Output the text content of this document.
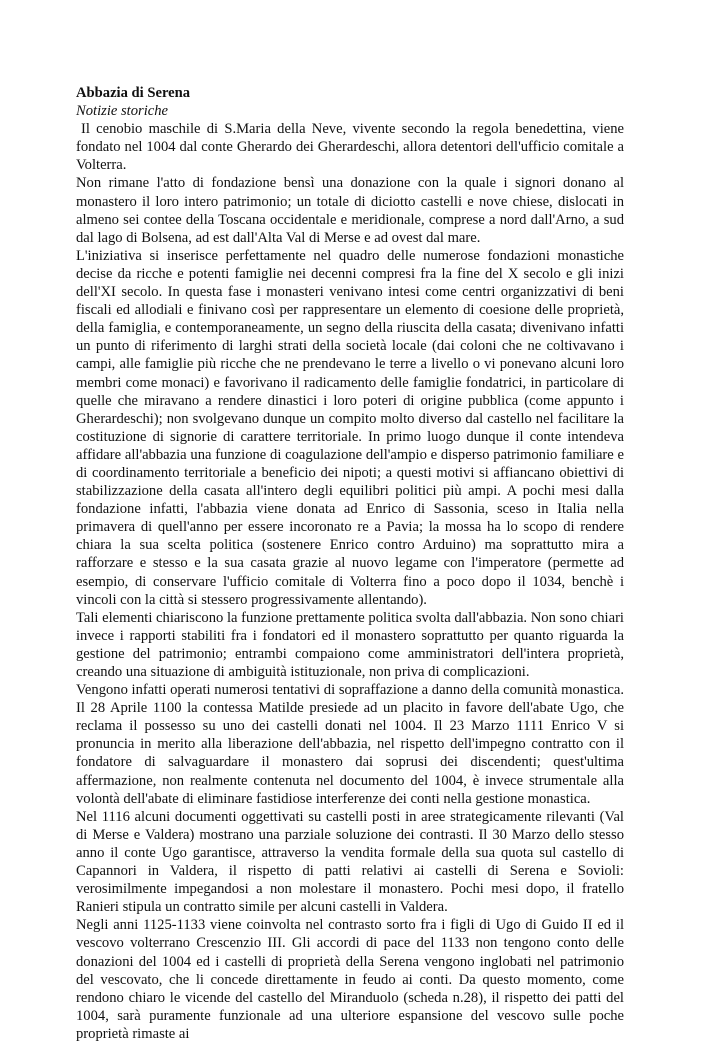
Abbazia di Serena
Notizie storiche

Il cenobio maschile di S.Maria della Neve, vivente secondo la regola benedettina, viene fondato nel 1004 dal conte Gherardo dei Gherardeschi, allora detentori dell'ufficio comitale a Volterra.

Non rimane l'atto di fondazione bensì una donazione con la quale i signori donano al monastero il loro intero patrimonio; un totale di diciotto castelli e nove chiese, dislocati in almeno sei contee della Toscana occidentale e meridionale, comprese a nord dall'Arno, a sud dal lago di Bolsena, ad est dall'Alta Val di Merse e ad ovest dal mare.

L'iniziativa si inserisce perfettamente nel quadro delle numerose fondazioni monastiche decise da ricche e potenti famiglie nei decenni compresi fra la fine del X secolo e gli inizi dell'XI secolo. In questa fase i monasteri venivano intesi come centri organizzativi di beni fiscali ed allodiali e finivano così per rappresentare un elemento di coesione delle proprietà, della famiglia, e contemporaneamente, un segno della riuscita della casata; divenivano infatti un punto di riferimento di larghi strati della società locale (dai coloni che ne coltivavano i campi, alle famiglie più ricche che ne prendevano le terre a livello o vi ponevano alcuni loro membri come monaci) e favorivano il radicamento delle famiglie fondatrici, in particolare di quelle che miravano a rendere dinastici i loro poteri di origine pubblica (come appunto i Gherardeschi); non svolgevano dunque un compito molto diverso dal castello nel facilitare la costituzione di signorie di carattere territoriale. In primo luogo dunque il conte intendeva affidare all'abbazia una funzione di coagulazione dell'ampio e disperso patrimonio familiare e di coordinamento territoriale a beneficio dei nipoti; a questi motivi si affiancano obiettivi di stabilizzazione della casata all'intero degli equilibri politici più ampi. A pochi mesi dalla fondazione infatti, l'abbazia viene donata ad Enrico di Sassonia, sceso in Italia nella primavera di quell'anno per essere incoronato re a Pavia; la mossa ha lo scopo di rendere chiara la sua scelta politica (sostenere Enrico contro Arduino) ma soprattutto mira a rafforzare e stesso e la sua casata grazie al nuovo legame con l'imperatore (permette ad esempio, di conservare l'ufficio comitale di Volterra fino a poco dopo il 1034, benchè i vincoli con la città si stessero progressivamente allentando).

Tali elementi chiariscono la funzione prettamente politica svolta dall'abbazia. Non sono chiari invece i rapporti stabiliti fra i fondatori ed il monastero soprattutto per quanto riguarda la gestione del patrimonio; entrambi compaiono come amministratori dell'intera proprietà, creando una situazione di ambiguità istituzionale, non priva di complicazioni.

Vengono infatti operati numerosi tentativi di sopraffazione a danno della comunità monastica. Il 28 Aprile 1100 la contessa Matilde presiede ad un placito in favore dell'abate Ugo, che reclama il possesso su uno dei castelli donati nel 1004. Il 23 Marzo 1111 Enrico V si pronuncia in merito alla liberazione dell'abbazia, nel rispetto dell'impegno contratto con il fondatore di salvaguardare il monastero dai soprusi dei discendenti; quest'ultima affermazione, non realmente contenuta nel documento del 1004, è invece strumentale alla volontà dell'abate di eliminare fastidiose interferenze dei conti nella gestione monastica.

Nel 1116 alcuni documenti oggettivati su castelli posti in aree strategicamente rilevanti (Val di Merse e Valdera) mostrano una parziale soluzione dei contrasti. Il 30 Marzo dello stesso anno il conte Ugo garantisce, attraverso la vendita formale della sua quota sul castello di Capannori in Valdera, il rispetto di patti relativi ai castelli di Serena e Sovioli: verosimilmente impegandosi a non molestare il monastero. Pochi mesi dopo, il fratello Ranieri stipula un contratto simile per alcuni castelli in Valdera.

Negli anni 1125-1133 viene coinvolta nel contrasto sorto fra i figli di Ugo di Guido II ed il vescovo volterrano Crescenzio III. Gli accordi di pace del 1133 non tengono conto delle donazioni del 1004 ed i castelli di proprietà della Serena vengono inglobati nel patrimonio del vescovato, che li concede direttamente in feudo ai conti. Da questo momento, come rendono chiaro le vicende del castello del Miranduolo (scheda n.28), il rispetto dei patti del 1004, sarà puramente funzionale ad una ulteriore espansione del vescovo sulle poche proprietà rimaste ai
